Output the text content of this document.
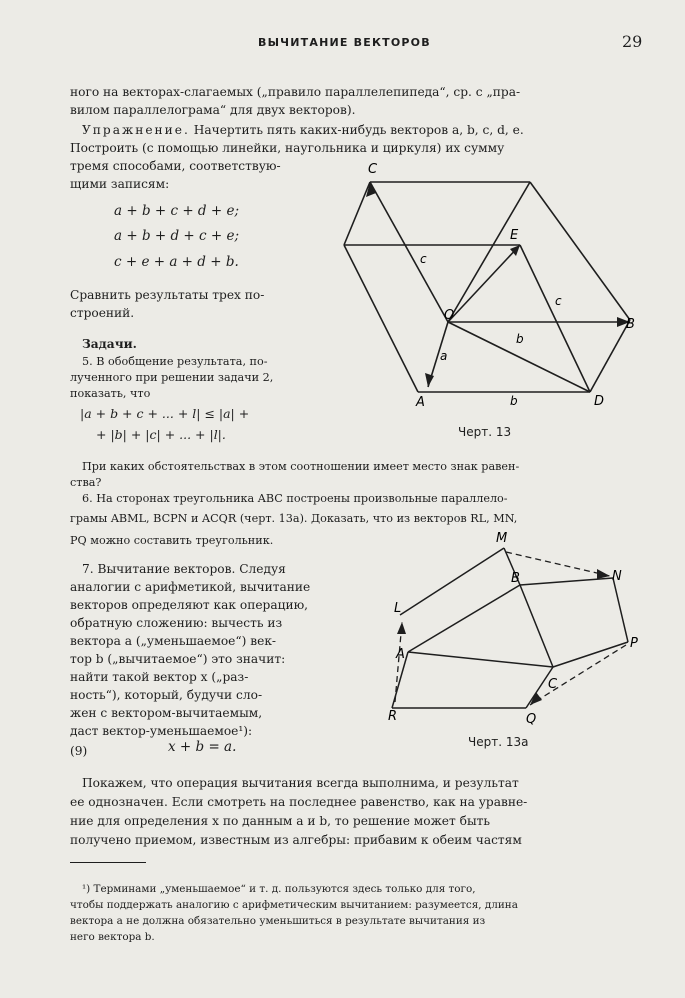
ВЫЧИТАНИЕ ВЕКТОРОВ	29
ного на векторах-слагаемых („правило параллелепипеда“, ср. с „пра-
вилом параллелограма“ для двух векторов).
Упражнение. Начертить пять каких-нибудь векторов a, b, c, d, e.
Построить (с помощью линейки, наугольника и циркуля) их сумму
тремя способами, соответствую-
щими записям:
a + b + c + d + e;
a + b + d + c + e;
c + e + a + d + b.
Сравнить результаты трех по-
строений.
Задачи.
5. В обобщение результата, по-
лученного при решении задачи 2,
показать, что
|a + b + c + ... + l| ≤ |a| +
+ |b| + |c| + ... + |l|.
C
E
O
B
A	D
a
b
c
c
b
Черт. 13
При каких обстоятельствах в этом соотношении имеет место знак равен-
ства?
6. На сторонах треугольника ABC построены произвольные параллело-
грамы ABML, BCPN и ACQR (черт. 13а). Доказать, что из векторов RL, MN,
PQ можно составить треугольник.
7. Вычитание векторов. Следуя
аналогии с арифметикой, вычитание
векторов определяют как операцию,
обратную сложению: вычесть из
вектора a („уменьшаемое“) век-
тор b („вычитаемое“) это значит:
найти такой вектор x („раз-
ность“), который, будучи сло-
жен с вектором-вычитаемым,
даст вектор-уменьшаемое¹):
(9)	x + b = a.
M
N
B
L
A
C
P
R	Q
Черт. 13а
Покажем, что операция вычитания всегда выполнима, и результат
ее однозначен. Если смотреть на последнее равенство, как на уравне-
ние для определения x по данным a и b, то решение может быть
получено приемом, известным из алгебры: прибавим к обеим частям
¹) Терминами „уменьшаемое“ и т. д. пользуются здесь только для того,
чтобы поддержать аналогию с арифметическим вычитанием: разумеется, длина
вектора a не должна обязательно уменьшиться в результате вычитания из
него вектора b.
